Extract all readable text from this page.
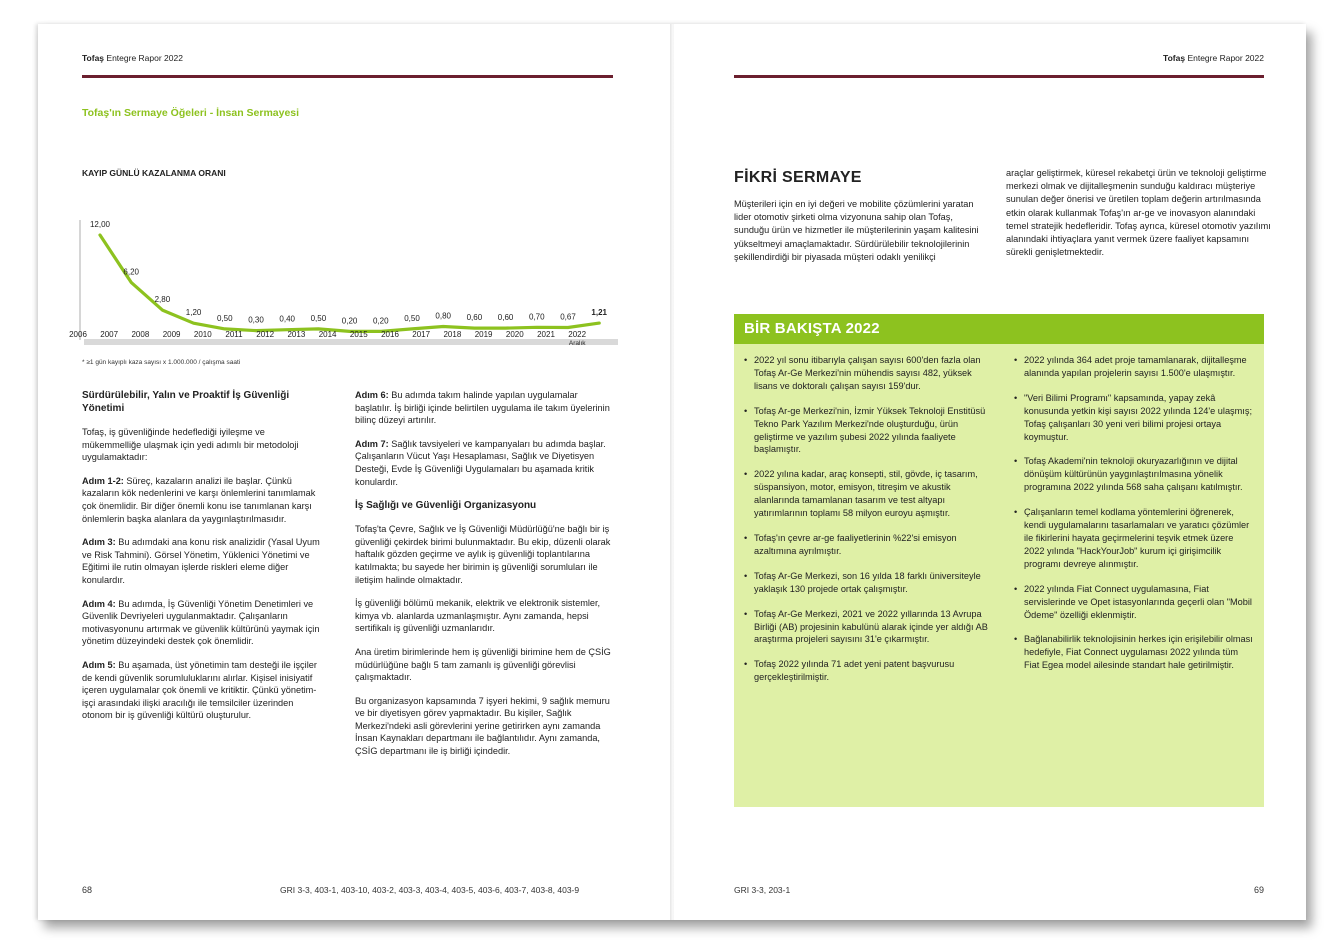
Tofaş Entegre Rapor 2022
Tofaş'ın Sermaye Öğeleri - İnsan Sermayesi
KAYIP GÜNLÜ KAZALANMA ORANI
12,00
6,20
2,80
1,20
0,50 0,30 0,40 0,50 0,20 0,20 0,50 0,80 0,60 0,60 0,70 0,67 1,21
* ≥1 gün kayıplı kaza sayısı x 1.000.000 / çalışma saati
Sürdürülebilir, Yalın ve Proaktif İş Güvenliği Yönetimi

Tofaş, iş güvenliğinde hedeflediği iyileşme ve mükemmelliğe ulaşmak için yedi adımlı bir metodoloji uygulamaktadır:

Adım 1-2: Süreç, kazaların analizi ile başlar. Çünkü kazaların kök nedenlerini ve karşı önlemlerini tanımlamak çok önemlidir. Bir diğer önemli konu ise tanımlanan karşı önlemlerin başka alanlara da yaygınlaştırılmasıdır.

Adım 3: Bu adımdaki ana konu risk analizidir (Yasal Uyum ve Risk Tahmini). Görsel Yönetim, Yüklenici Yönetimi ve Eğitimi ile rutin olmayan işlerde riskleri eleme diğer konulardır.

Adım 4: Bu adımda, İş Güvenliği Yönetim Denetimleri ve Güvenlik Devriyeleri uygulanmaktadır. Çalışanların motivasyonunu artırmak ve güvenlik kültürünü yaymak için yönetim düzeyindeki destek çok önemlidir.

Adım 5: Bu aşamada, üst yönetimin tam desteği ile işçiler de kendi güvenlik sorumluluklarını alırlar. Kişisel inisiyatif içeren uygulamalar çok önemli ve kritiktir. Çünkü yönetim-işçi arasındaki ilişki aracılığı ile temsilciler üzerinden otonom bir iş güvenliği kültürü oluşturulur.

Adım 6: Bu adımda takım halinde yapılan uygulamalar başlatılır. İş birliği içinde belirtilen uygulama ile takım üyelerinin bilinç düzeyi artırılır.

Adım 7: Sağlık tavsiyeleri ve kampanyaları bu adımda başlar. Çalışanların Vücut Yaşı Hesaplaması, Sağlık ve Diyetisyen Desteği, Evde İş Güvenliği Uygulamaları bu aşamada kritik konulardır.

İş Sağlığı ve Güvenliği Organizasyonu

Tofaş'ta Çevre, Sağlık ve İş Güvenliği Müdürlüğü'ne bağlı bir iş güvenliği çekirdek birimi bulunmaktadır. Bu ekip, düzenli olarak haftalık gözden geçirme ve aylık iş güvenliği toplantılarına katılmakta; bu sayede her birimin iş güvenliği sorumluları ile iletişim halinde olmaktadır.

İş güvenliği bölümü mekanik, elektrik ve elektronik sistemler, kimya vb. alanlarda uzmanlaşmıştır. Aynı zamanda, hepsi sertifikalı iş güvenliği uzmanlarıdır.

Ana üretim birimlerinde hem iş güvenliği birimine hem de ÇSİG müdürlüğüne bağlı 5 tam zamanlı iş güvenliği görevlisi çalışmaktadır.

Bu organizasyon kapsamında 7 işyeri hekimi, 9 sağlık memuru ve bir diyetisyen görev yapmaktadır. Bu kişiler, Sağlık Merkezi'ndeki asli görevlerini yerine getirirken aynı zamanda İnsan Kaynakları departmanı ile bağlantılıdır. Aynı zamanda, ÇSİG departmanı ile iş birliği içindedir.

68	GRI 3-3, 403-1, 403-10, 403-2, 403-3, 403-4, 403-5, 403-6, 403-7, 403-8, 403-9
Tofaş Entegre Rapor 2022
FİKRİ SERMAYE
Müşterileri için en iyi değeri ve mobilite çözümlerini yaratan lider otomotiv şirketi olma vizyonuna sahip olan Tofaş, sunduğu ürün ve hizmetler ile müşterilerinin yaşam kalitesini yükseltmeyi amaçlamaktadır. Sürdürülebilir teknolojilerinin şekillendirdiği bir piyasada müşteri odaklı yenilikçi
araçlar geliştirmek, küresel rekabetçi ürün ve teknoloji geliştirme merkezi olmak ve dijitalleşmenin sunduğu kaldıracı müşteriye sunulan değer önerisi ve üretilen toplam değerin artırılmasında etkin olarak kullanmak Tofaş'ın ar-ge ve inovasyon alanındaki temel stratejik hedefleridir. Tofaş ayrıca, küresel otomotiv yazılımı alanındaki ihtiyaçlara yanıt vermek üzere faaliyet kapsamını sürekli genişletmektedir.
BİR BAKIŞTA 2022
• 2022 yıl sonu itibarıyla çalışan sayısı 600'den fazla olan Tofaş Ar-Ge Merkezi'nin mühendis sayısı 482, yüksek lisans ve doktoralı çalışan sayısı 159'dur.
• Tofaş Ar-ge Merkezi'nin, İzmir Yüksek Teknoloji Enstitüsü Tekno Park Yazılım Merkezi'nde oluşturduğu, ürün geliştirme ve yazılım şubesi 2022 yılında faaliyete başlamıştır.
• 2022 yılına kadar, araç konsepti, stil, gövde, iç tasarım, süspansiyon, motor, emisyon, titreşim ve akustik alanlarında tamamlanan tasarım ve test altyapı yatırımlarının toplamı 58 milyon euroyu aşmıştır.
• Tofaş'ın çevre ar-ge faaliyetlerinin %22'si emisyon azaltımına ayrılmıştır.
• Tofaş Ar-Ge Merkezi, son 16 yılda 18 farklı üniversiteyle yaklaşık 130 projede ortak çalışmıştır.
• Tofaş Ar-Ge Merkezi, 2021 ve 2022 yıllarında 13 Avrupa Birliği (AB) projesinin kabulünü alarak içinde yer aldığı AB araştırma projeleri sayısını 31'e çıkarmıştır.
• Tofaş 2022 yılında 71 adet yeni patent başvurusu gerçekleştirilmiştir.
• 2022 yılında 364 adet proje tamamlanarak, dijitalleşme alanında yapılan projelerin sayısı 1.500'e ulaşmıştır.
• "Veri Bilimi Programı" kapsamında, yapay zekâ konusunda yetkin kişi sayısı 2022 yılında 124'e ulaşmış; Tofaş çalışanları 30 yeni veri bilimi projesi ortaya koymuştur.
• Tofaş Akademi'nin teknoloji okuryazarlığının ve dijital dönüşüm kültürünün yaygınlaştırılmasına yönelik programına 2022 yılında 568 saha çalışanı katılmıştır.
• Çalışanların temel kodlama yöntemlerini öğrenerek, kendi uygulamalarını tasarlamaları ve yaratıcı çözümler ile fikirlerini hayata geçirmelerini teşvik etmek üzere 2022 yılında "HackYourJob" kurum içi girişimcilik programı devreye alınmıştır.
• 2022 yılında Fiat Connect uygulamasına, Fiat servislerinde ve Opet istasyonlarında geçerli olan "Mobil Ödeme" özelliği eklenmiştir.
• Bağlanabilirlik teknolojisinin herkes için erişilebilir olması hedefiyle, Fiat Connect uygulaması 2022 yılında tüm Fiat Egea model ailesinde standart hale getirilmiştir.
GRI 3-3, 203-1	69
2006	2007	2008	2009	2010	2011	2012	2013	2014	2015	2016	2017	2018	2019	2020	2021	2022
Aralık
